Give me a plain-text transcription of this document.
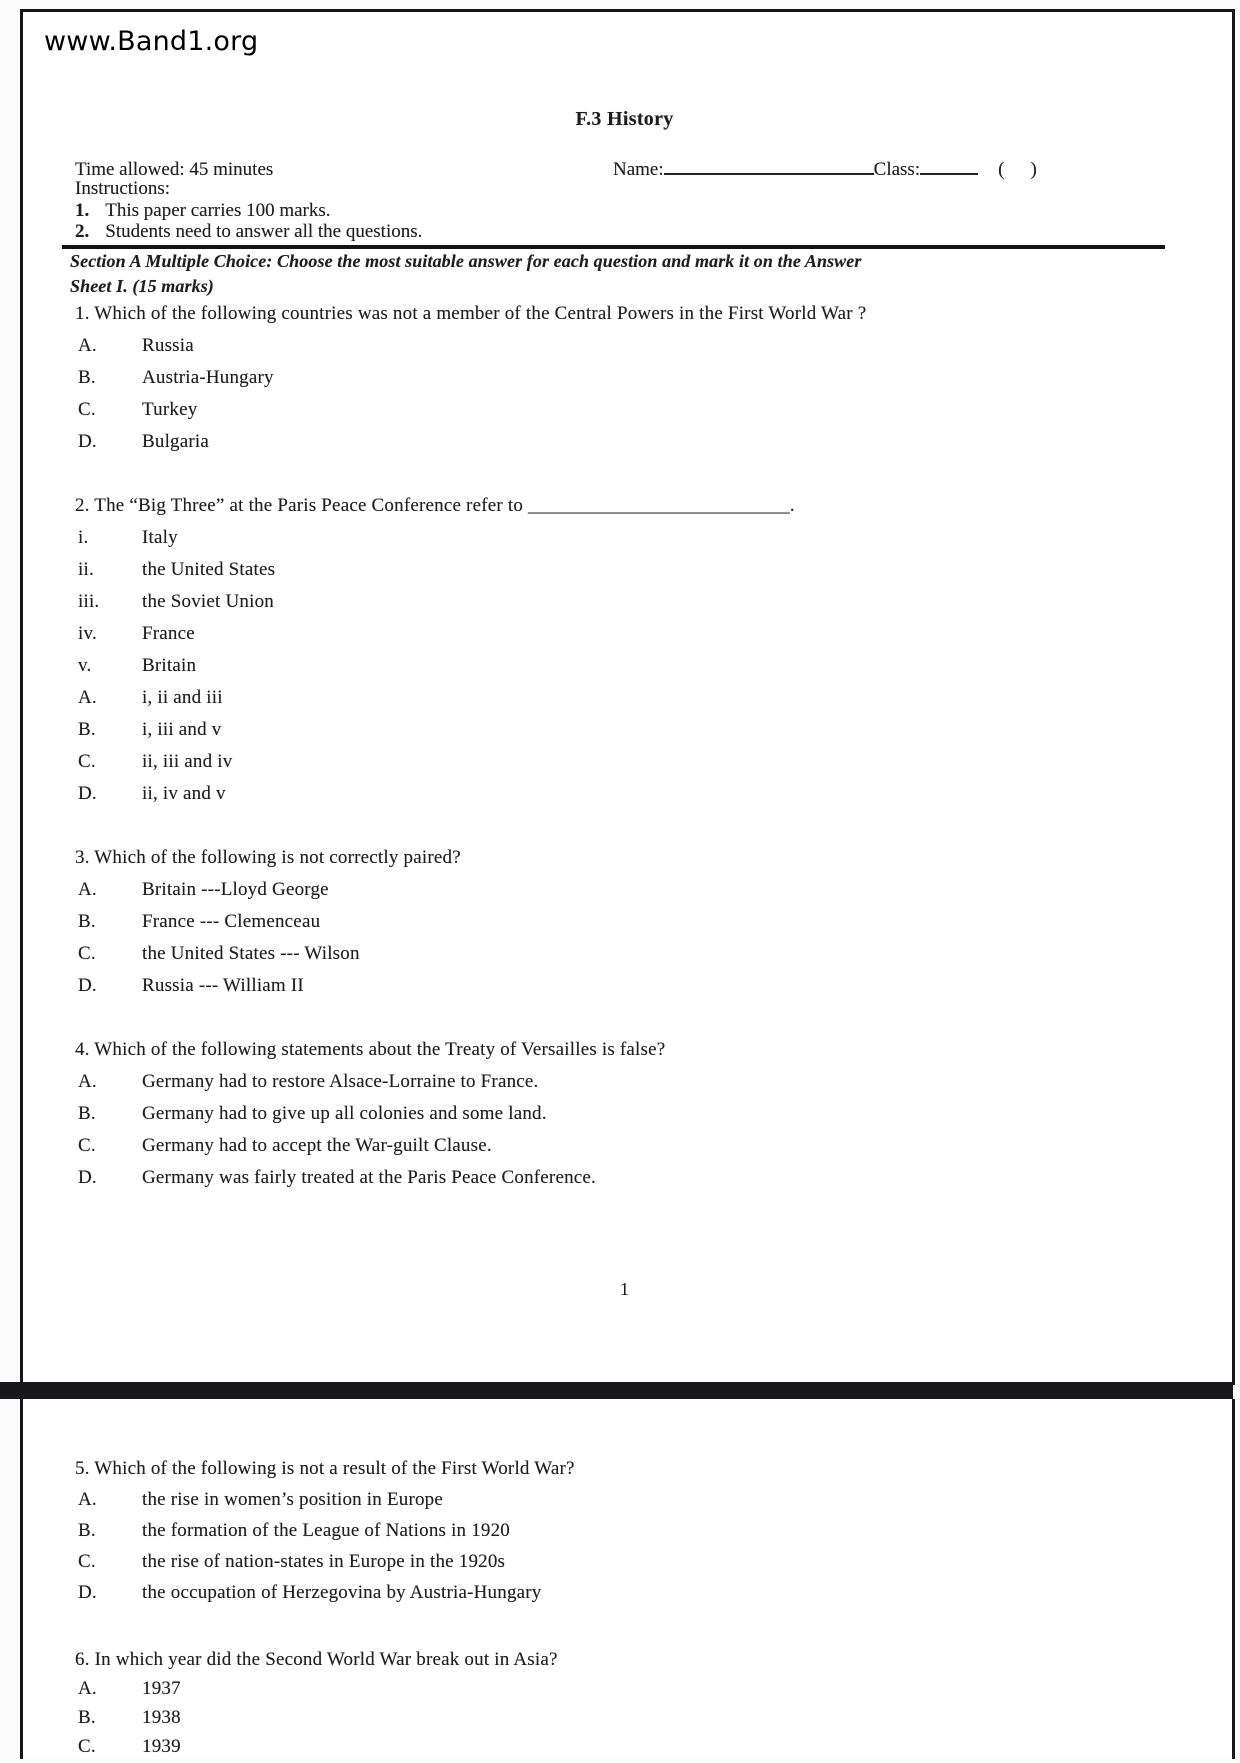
www.Band1.org
F.3 History
Time allowed: 45 minutes	Name:	Class:	( )
Instructions:
1. This paper carries 100 marks.
2. Students need to answer all the questions.
Section A Multiple Choice: Choose the most suitable answer for each question and mark it on the Answer
Sheet I. (15 marks)
1. Which of the following countries was not a member of the Central Powers in the First World War ?
A. Russia
B. Austria-Hungary
C. Turkey
D. Bulgaria
2. The “Big Three” at the Paris Peace Conference refer to ___________________________.
i.	Italy
ii.	the United States
iii. the Soviet Union
iv. France
v.	Britain
A. i, ii and iii
B. i, iii and v
C. ii, iii and iv
D. ii, iv and v
3. Which of the following is not correctly paired?
A. Britain ---Lloyd George
B. France --- Clemenceau
C. the United States --- Wilson
D. Russia --- William II
4. Which of the following statements about the Treaty of Versailles is false?
A. Germany had to restore Alsace-Lorraine to France.
B. Germany had to give up all colonies and some land.
C. Germany had to accept the War-guilt Clause.
D. Germany was fairly treated at the Paris Peace Conference.
5. Which of the following is not a result of the First World War?
A. the rise in women’s position in Europe
B. the formation of the League of Nations in 1920
C. the rise of nation-states in Europe in the 1920s
D. the occupation of Herzegovina by Austria-Hungary
6. In which year did the Second World War break out in Asia?
A. 1937
B. 1938
C. 1939
1
